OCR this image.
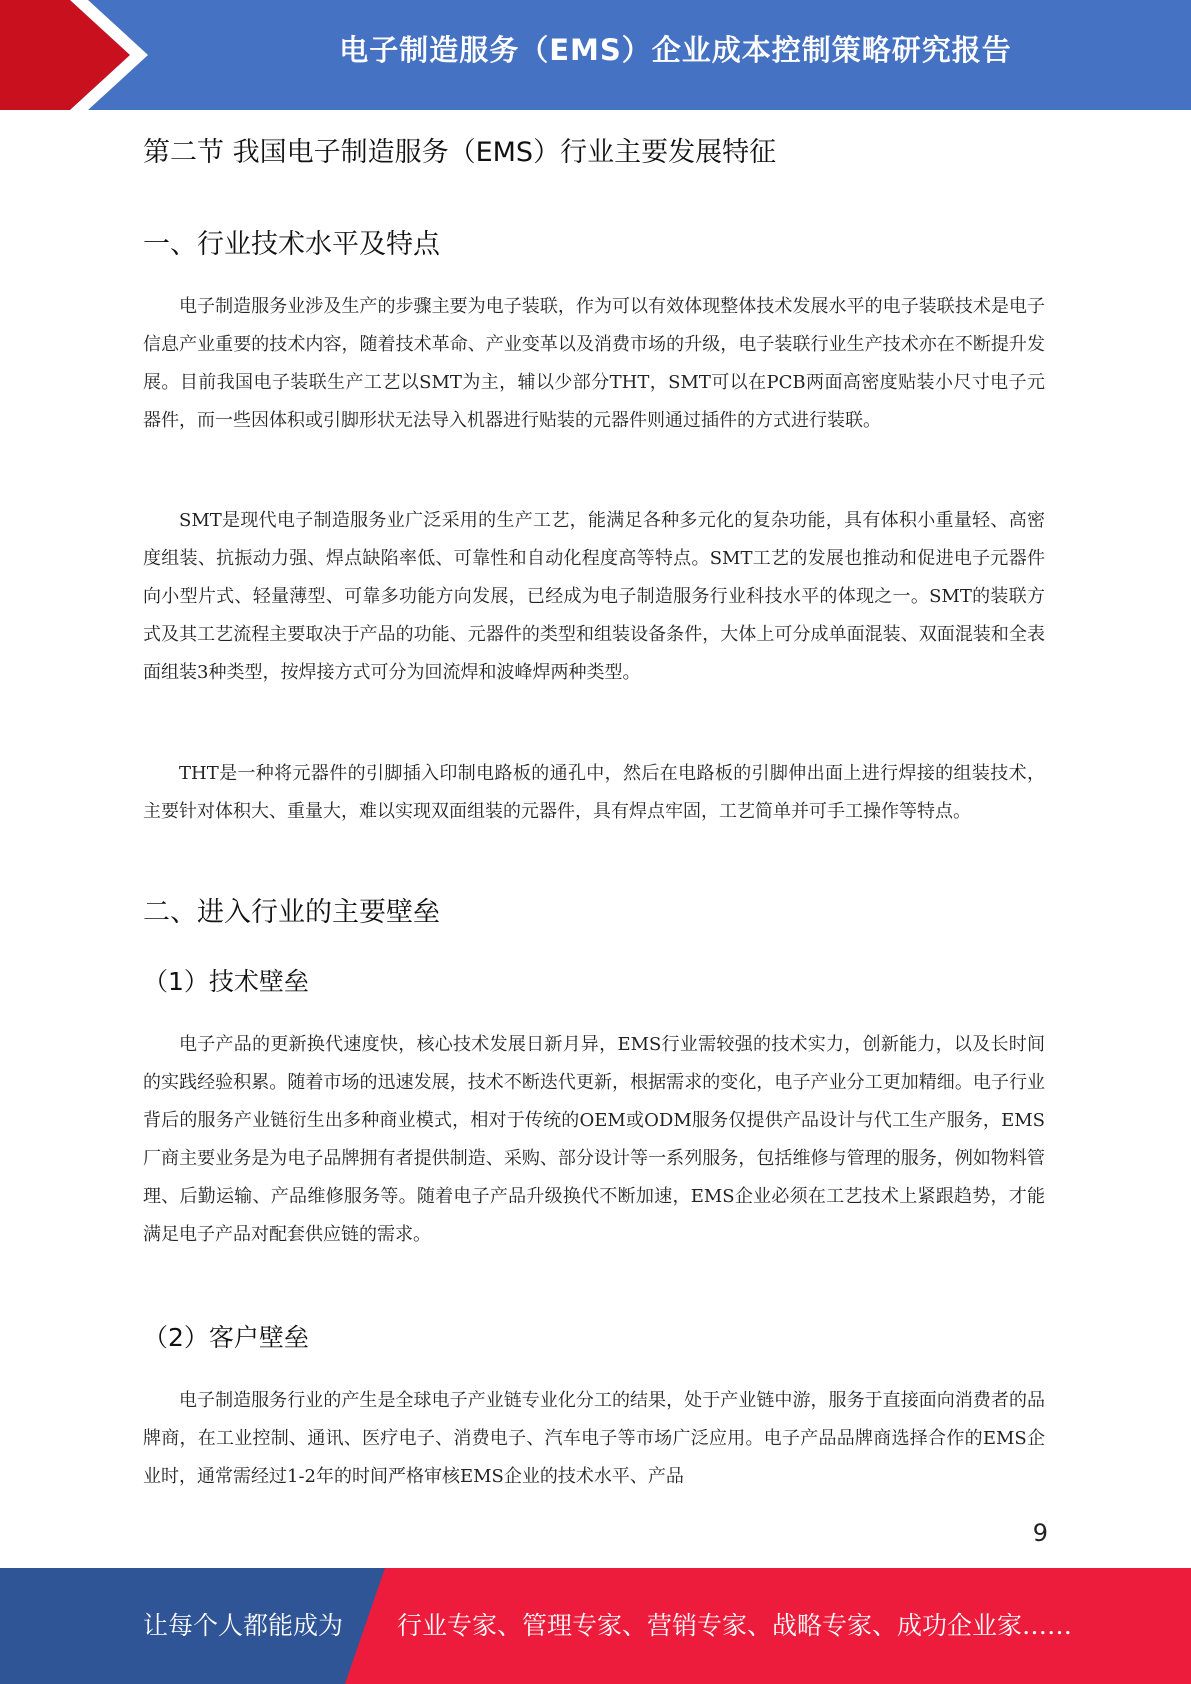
电子制造服务（EMS）企业成本控制策略研究报告
第二节 我国电子制造服务（EMS）行业主要发展特征
一、行业技术水平及特点

电子制造服务业涉及生产的步骤主要为电子装联，作为可以有效体现整体技术发展水平的电子装联技术是电子信息产业重要的技术内容，随着技术革命、产业变革以及消费市场的升级，电子装联行业生产技术亦在不断提升发展。目前我国电子装联生产工艺以SMT为主，辅以少部分THT，SMT可以在PCB两面高密度贴装小尺寸电子元器件，而一些因体积或引脚形状无法导入机器进行贴装的元器件则通过插件的方式进行装联。

SMT是现代电子制造服务业广泛采用的生产工艺，能满足各种多元化的复杂功能，具有体积小重量轻、高密度组装、抗振动力强、焊点缺陷率低、可靠性和自动化程度高等特点。SMT工艺的发展也推动和促进电子元器件向小型片式、轻量薄型、可靠多功能方向发展，已经成为电子制造服务行业科技水平的体现之一。SMT的装联方式及其工艺流程主要取决于产品的功能、元器件的类型和组装设备条件，大体上可分成单面混装、双面混装和全表面组装3种类型，按焊接方式可分为回流焊和波峰焊两种类型。

THT是一种将元器件的引脚插入印制电路板的通孔中，然后在电路板的引脚伸出面上进行焊接的组装技术，主要针对体积大、重量大，难以实现双面组装的元器件，具有焊点牢固，工艺简单并可手工操作等特点。

二、进入行业的主要壁垒
（1）技术壁垒

电子产品的更新换代速度快，核心技术发展日新月异，EMS行业需较强的技术实力，创新能力，以及长时间的实践经验积累。随着市场的迅速发展，技术不断迭代更新，根据需求的变化，电子产业分工更加精细。电子行业背后的服务产业链衍生出多种商业模式，相对于传统的OEM或ODM服务仅提供产品设计与代工生产服务，EMS厂商主要业务是为电子品牌拥有者提供制造、采购、部分设计等一系列服务，包括维修与管理的服务，例如物料管理、后勤运输、产品维修服务等。随着电子产品升级换代不断加速，EMS企业必须在工艺技术上紧跟趋势，才能满足电子产品对配套供应链的需求。

（2）客户壁垒

电子制造服务行业的产生是全球电子产业链专业化分工的结果，处于产业链中游，服务于直接面向消费者的品牌商，在工业控制、通讯、医疗电子、消费电子、汽车电子等市场广泛应用。电子产品品牌商选择合作的EMS企业时，通常需经过1-2年的时间严格审核EMS企业的技术水平、产品

9
让每个人都能成为 行业专家、管理专家、营销专家、战略专家、成功企业家……
